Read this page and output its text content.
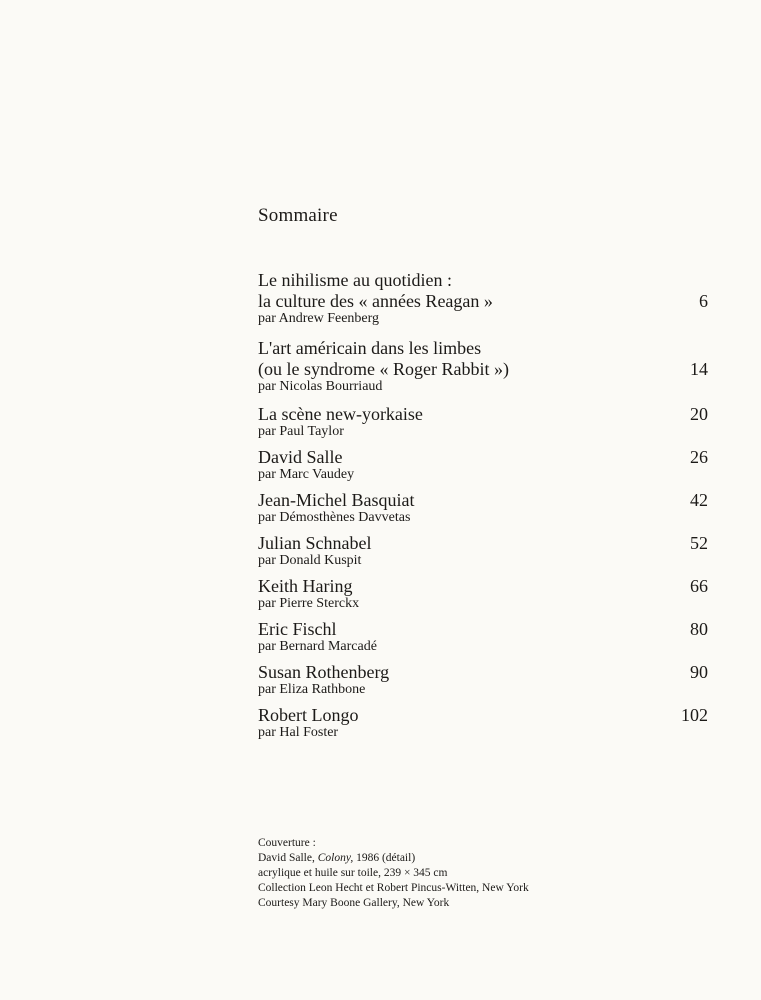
Sommaire
Le nihilisme au quotidien :
la culture des « années Reagan »	6
par Andrew Feenberg
L'art américain dans les limbes
(ou le syndrome « Roger Rabbit »)	14
par Nicolas Bourriaud
20
La scène new-yorkaise
par Paul Taylor
26
David Salle
par Marc Vaudey
42
Jean-Michel Basquiat
par Démosthènes Davvetas
52
Julian Schnabel
par Donald Kuspit
66
Keith Haring
par Pierre Sterckx
80
Eric Fischl
par Bernard Marcadé
90
Susan Rothenberg
par Eliza Rathbone
102
Robert Longo
par Hal Foster
Couverture :
David Salle, Colony, 1986 (détail)
acrylique et huile sur toile, 239 × 345 cm
Collection Leon Hecht et Robert Pincus-Witten, New York
Courtesy Mary Boone Gallery, New York
